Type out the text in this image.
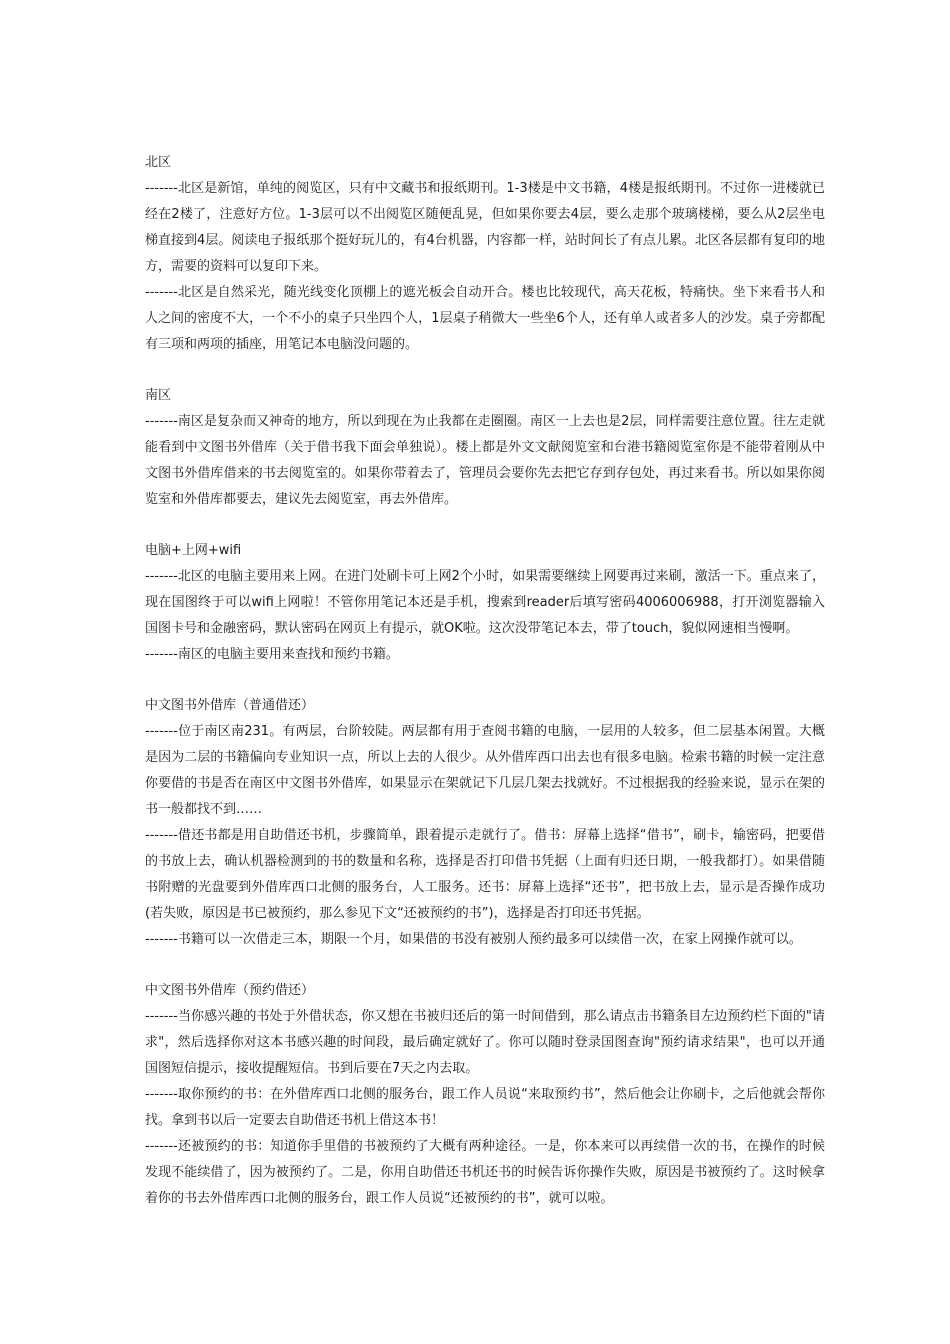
北区

-------北区是新馆，单纯的阅览区，只有中文藏书和报纸期刊。1-3楼是中文书籍，4楼是报纸期刊。不过你一进楼就已经在2楼了，注意好方位。1-3层可以不出阅览区随便乱晃，但如果你要去4层，要么走那个玻璃楼梯，要么从2层坐电梯直接到4层。阅读电子报纸那个挺好玩儿的，有4台机器，内容都一样，站时间长了有点儿累。北区各层都有复印的地方，需要的资料可以复印下来。

-------北区是自然采光，随光线变化顶棚上的遮光板会自动开合。楼也比较现代，高天花板，特痛快。坐下来看书人和人之间的密度不大，一个不小的桌子只坐四个人，1层桌子稍微大一些坐6个人，还有单人或者多人的沙发。桌子旁都配有三项和两项的插座，用笔记本电脑没问题的。

南区

-------南区是复杂而又神奇的地方，所以到现在为止我都在走圈圈。南区一上去也是2层，同样需要注意位置。往左走就能看到中文图书外借库（关于借书我下面会单独说）。楼上都是外文文献阅览室和台港书籍阅览室你是不能带着刚从中文图书外借库借来的书去阅览室的。如果你带着去了，管理员会要你先去把它存到存包处，再过来看书。所以如果你阅览室和外借库都要去，建议先去阅览室，再去外借库。

电脑+上网+wifi

-------北区的电脑主要用来上网。在进门处刷卡可上网2个小时，如果需要继续上网要再过来刷，激活一下。重点来了，现在国图终于可以wifi上网啦！不管你用笔记本还是手机，搜索到reader后填写密码4006006988，打开浏览器输入国图卡号和金融密码，默认密码在网页上有提示，就OK啦。这次没带笔记本去，带了touch，貌似网速相当慢啊。

-------南区的电脑主要用来查找和预约书籍。

中文图书外借库（普通借还）

-------位于南区南231。有两层，台阶较陡。两层都有用于查阅书籍的电脑，一层用的人较多，但二层基本闲置。大概是因为二层的书籍偏向专业知识一点，所以上去的人很少。从外借库西口出去也有很多电脑。检索书籍的时候一定注意你要借的书是否在南区中文图书外借库，如果显示在架就记下几层几架去找就好。不过根据我的经验来说，显示在架的书一般都找不到……

-------借还书都是用自助借还书机，步骤简单，跟着提示走就行了。借书：屏幕上选择“借书”，刷卡，输密码，把要借的书放上去，确认机器检测到的书的数量和名称，选择是否打印借书凭据（上面有归还日期，一般我都打）。如果借随书附赠的光盘要到外借库西口北侧的服务台，人工服务。还书：屏幕上选择“还书”，把书放上去，显示是否操作成功(若失败，原因是书已被预约，那么参见下文“还被预约的书”)，选择是否打印还书凭据。

-------书籍可以一次借走三本，期限一个月，如果借的书没有被别人预约最多可以续借一次，在家上网操作就可以。

中文图书外借库（预约借还）

-------当你感兴趣的书处于外借状态，你又想在书被归还后的第一时间借到，那么请点击书籍条目左边预约栏下面的"请求"，然后选择你对这本书感兴趣的时间段，最后确定就好了。你可以随时登录国图查询"预约请求结果"，也可以开通国图短信提示，接收提醒短信。书到后要在7天之内去取。

-------取你预约的书：在外借库西口北侧的服务台，跟工作人员说“来取预约书”，然后他会让你刷卡，之后他就会帮你找。拿到书以后一定要去自助借还书机上借这本书！

-------还被预约的书：知道你手里借的书被预约了大概有两种途径。一是，你本来可以再续借一次的书，在操作的时候发现不能续借了，因为被预约了。二是，你用自助借还书机还书的时候告诉你操作失败，原因是书被预约了。这时候拿着你的书去外借库西口北侧的服务台，跟工作人员说“还被预约的书”，就可以啦。
